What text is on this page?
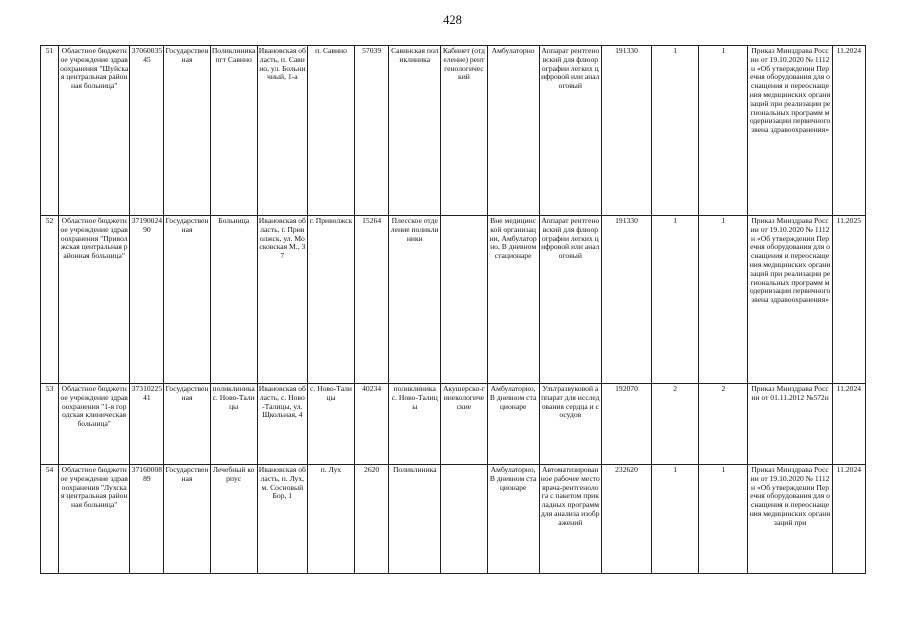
428
51	Областное бюджетное учреждение здравоохранения "Шуйская центральная районная больница"	3706003545	Государственная	Поликлиника пгт Савино	Ивановская область, п. Савино, ул. Больничный, 1-а	п. Савино	57039	Савинская поликлиника	Кабинет (отделение) рентгенологический	Амбулаторно	Аппарат рентгеновский для флюорографии легких цифровой или аналоговый	191330	1	1	Приказ Минздрава России от 19.10.2020 № 1112н «Об утверждении Перечня оборудования для оснащения и переоснащения медицинских организаций при реализации региональных программ модернизации первичного звена здравоохранения»	11.2024
52	Областное бюджетное учреждение здравоохранения "Приволжская центральная районная больница"	3719002490	Государственная	Больница	Ивановская область, г. Приволжск, ул. Московская М., 37	г. Приволжск	15264	Плесское отделение поликлиники		Вне медицинской организации, Амбулаторно, В дневном стационаре	Аппарат рентгеновский для флюорографии легких цифровой или аналоговый	191330	1	1	Приказ Минздрава России от 19.10.2020 № 1112н «Об утверждении Перечня оборудования для оснащения и переоснащения медицинских организаций при реализации региональных программ модернизации первичного звена здравоохранения»	11.2025
53	Областное бюджетное учреждение здравоохранения "1-я городская клиническая больница"	3731022541	Государственная	поликлиника с. Ново-Талицы	Ивановская область, с. Ново-Талицы, ул. Щкольная, 4	с. Ново-Талицы	40234	поликлиника с. Ново-Талицы	Акушерско-гинекологические	Амбулаторно, В дневном стационаре	Ультразвуковой аппарат для исследования сердца и сосудов	192070	2	2	Приказ Минздрава России от 01.11.2012 №572н	11.2024
54	Областное бюджетное учреждение здравоохранения "Лухская центральная районная больница"	3716000889	Государственная	Лечебный корпус	Ивановская область, п. Лух, м. Сосновый Бор, 1	п. Лух	2620	Поликлиника		Амбулаторно, В дневном стационаре	Автоматизированное рабочее место врача-рентгенолога с пакетом прикладных программ для анализа изображений	232620	1	1	Приказ Минздрава России от 19.10.2020 № 1112н «Об утверждении Перечня оборудования для оснащения и переоснащения медицинских организаций при	11.2024
